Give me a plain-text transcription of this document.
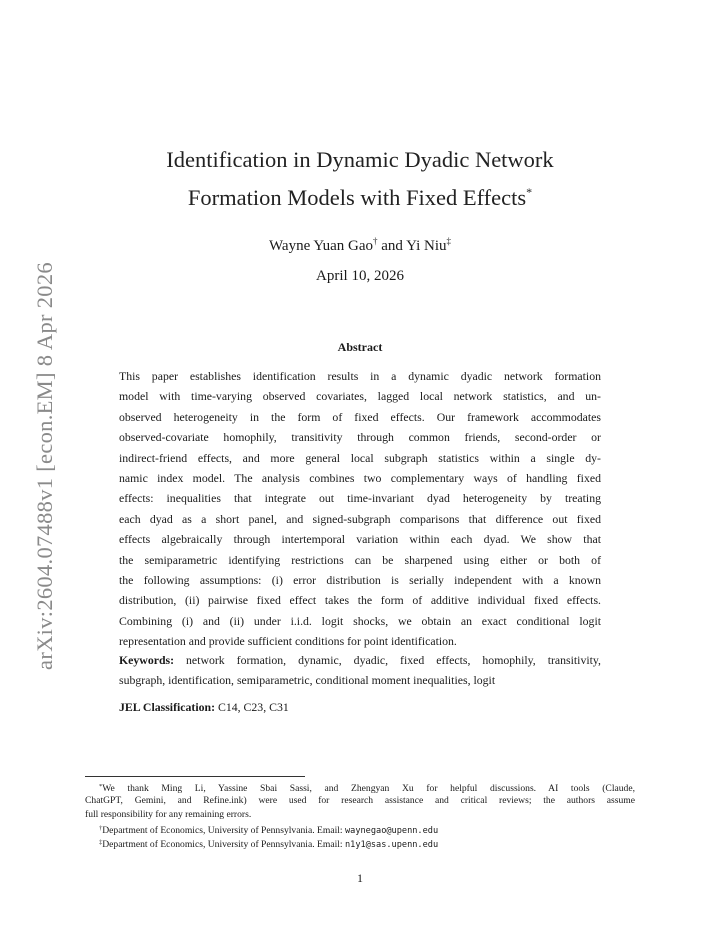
arXiv:2604.07488v1 [econ.EM] 8 Apr 2026
Identification in Dynamic Dyadic Network
Formation Models with Fixed Effects*
Wayne Yuan Gao† and Yi Niu‡
April 10, 2026
Abstract
This paper establishes identification results in a dynamic dyadic network formation
model with time-varying observed covariates, lagged local network statistics, and un-
observed heterogeneity in the form of fixed effects. Our framework accommodates
observed-covariate homophily, transitivity through common friends, second-order or
indirect-friend effects, and more general local subgraph statistics within a single dy-
namic index model. The analysis combines two complementary ways of handling fixed
effects: inequalities that integrate out time-invariant dyad heterogeneity by treating
each dyad as a short panel, and signed-subgraph comparisons that difference out fixed
effects algebraically through intertemporal variation within each dyad. We show that
the semiparametric identifying restrictions can be sharpened using either or both of
the following assumptions: (i) error distribution is serially independent with a known
distribution, (ii) pairwise fixed effect takes the form of additive individual fixed effects.
Combining (i) and (ii) under i.i.d. logit shocks, we obtain an exact conditional logit
representation and provide sufficient conditions for point identification.
Keywords: network formation, dynamic, dyadic, fixed effects, homophily, transitivity,
subgraph, identification, semiparametric, conditional moment inequalities, logit
JEL Classification: C14, C23, C31
*We thank Ming Li, Yassine Sbai Sassi, and Zhengyan Xu for helpful discussions. AI tools (Claude,
ChatGPT, Gemini, and Refine.ink) were used for research assistance and critical reviews; the authors assume
full responsibility for any remaining errors.
†Department of Economics, University of Pennsylvania. Email: waynegao@upenn.edu
‡Department of Economics, University of Pennsylvania. Email: n1y1@sas.upenn.edu
1
